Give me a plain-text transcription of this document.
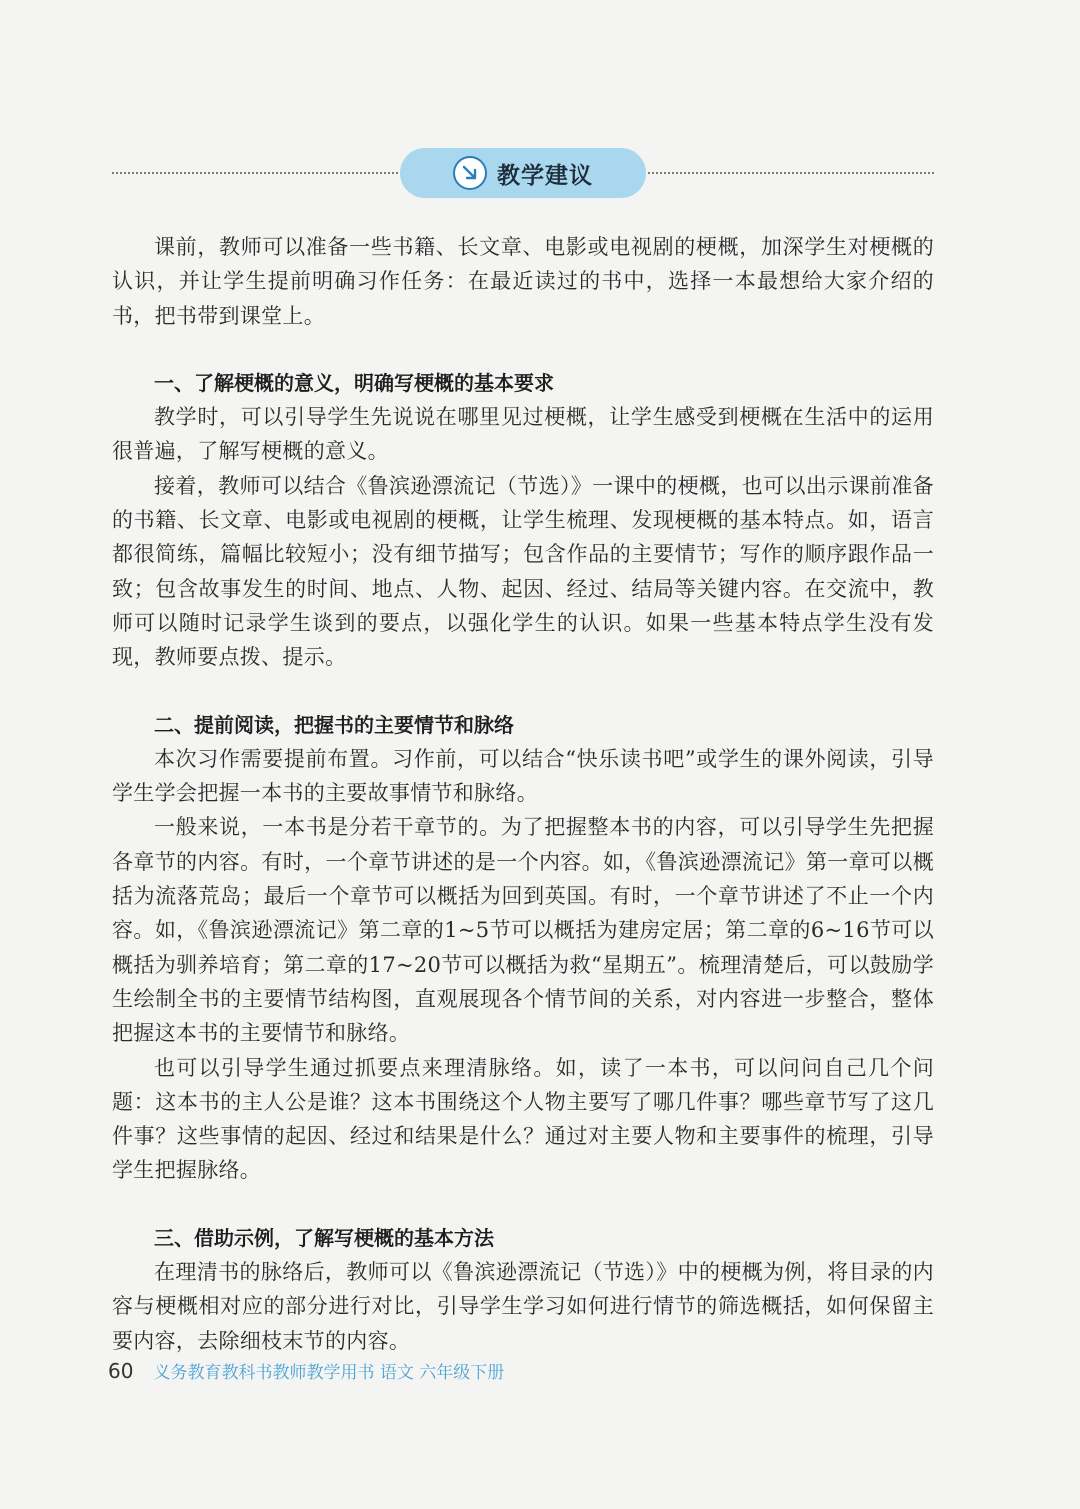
教学建议

课前，教师可以准备一些书籍、长文章、电影或电视剧的梗概，加深学生对梗概的认识，并让学生提前明确习作任务：在最近读过的书中，选择一本最想给大家介绍的书，把书带到课堂上。

一、了解梗概的意义，明确写梗概的基本要求

教学时，可以引导学生先说说在哪里见过梗概，让学生感受到梗概在生活中的运用很普遍，了解写梗概的意义。

接着，教师可以结合《鲁滨逊漂流记（节选）》一课中的梗概，也可以出示课前准备的书籍、长文章、电影或电视剧的梗概，让学生梳理、发现梗概的基本特点。如，语言都很简练，篇幅比较短小；没有细节描写；包含作品的主要情节；写作的顺序跟作品一致；包含故事发生的时间、地点、人物、起因、经过、结局等关键内容。在交流中，教师可以随时记录学生谈到的要点，以强化学生的认识。如果一些基本特点学生没有发现，教师要点拨、提示。

二、提前阅读，把握书的主要情节和脉络

本次习作需要提前布置。习作前，可以结合“快乐读书吧”或学生的课外阅读，引导学生学会把握一本书的主要故事情节和脉络。

一般来说，一本书是分若干章节的。为了把握整本书的内容，可以引导学生先把握各章节的内容。有时，一个章节讲述的是一个内容。如，《鲁滨逊漂流记》第一章可以概括为流落荒岛；最后一个章节可以概括为回到英国。有时，一个章节讲述了不止一个内容。如，《鲁滨逊漂流记》第二章的1~5节可以概括为建房定居；第二章的6~16节可以概括为驯养培育；第二章的17~20节可以概括为救“星期五”。梳理清楚后，可以鼓励学生绘制全书的主要情节结构图，直观展现各个情节间的关系，对内容进一步整合，整体把握这本书的主要情节和脉络。

也可以引导学生通过抓要点来理清脉络。如，读了一本书，可以问问自己几个问题：这本书的主人公是谁？这本书围绕这个人物主要写了哪几件事？哪些章节写了这几件事？这些事情的起因、经过和结果是什么？通过对主要人物和主要事件的梳理，引导学生把握脉络。

三、借助示例，了解写梗概的基本方法

在理清书的脉络后，教师可以《鲁滨逊漂流记（节选）》中的梗概为例，将目录的内容与梗概相对应的部分进行对比，引导学生学习如何进行情节的筛选概括，如何保留主要内容，去除细枝末节的内容。

60 义务教育教科书教师教学用书 语文 六年级下册
